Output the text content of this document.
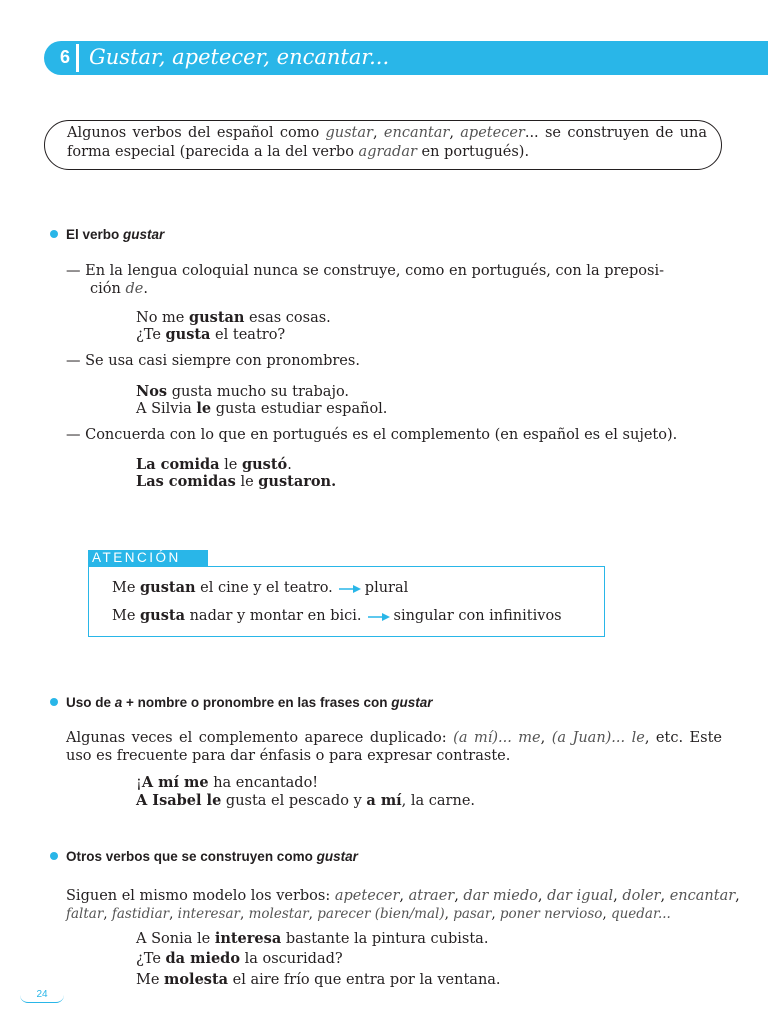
6 Gustar, apetecer, encantar...
Algunos verbos del español como gustar, encantar, apetecer... se construyen de una forma especial (parecida a la del verbo agradar en portugués).
El verbo gustar
— En la lengua coloquial nunca se construye, como en portugués, con la preposi-
ción de.
No me gustan esas cosas.
¿Te gusta el teatro?
— Se usa casi siempre con pronombres.
Nos gusta mucho su trabajo.
A Silvia le gusta estudiar español.
— Concuerda con lo que en portugués es el complemento (en español es el sujeto).
La comida le gustó.
Las comidas le gustaron.
ATENCIÓN
Me gustan el cine y el teatro. plural
Me gusta nadar y montar en bici. singular con infinitivos
Uso de a + nombre o pronombre en las frases con gustar
Algunas veces el complemento aparece duplicado: (a mí)... me, (a Juan)... le, etc. Este uso es frecuente para dar énfasis o para expresar contraste.
¡A mí me ha encantado!
A Isabel le gusta el pescado y a mí, la carne.
Otros verbos que se construyen como gustar
Siguen el mismo modelo los verbos: apetecer, atraer, dar miedo, dar igual, doler, encantar,
faltar, fastidiar, interesar, molestar, parecer (bien/mal), pasar, poner nervioso, quedar...
A Sonia le interesa bastante la pintura cubista.
¿Te da miedo la oscuridad?
Me molesta el aire frío que entra por la ventana.
24
